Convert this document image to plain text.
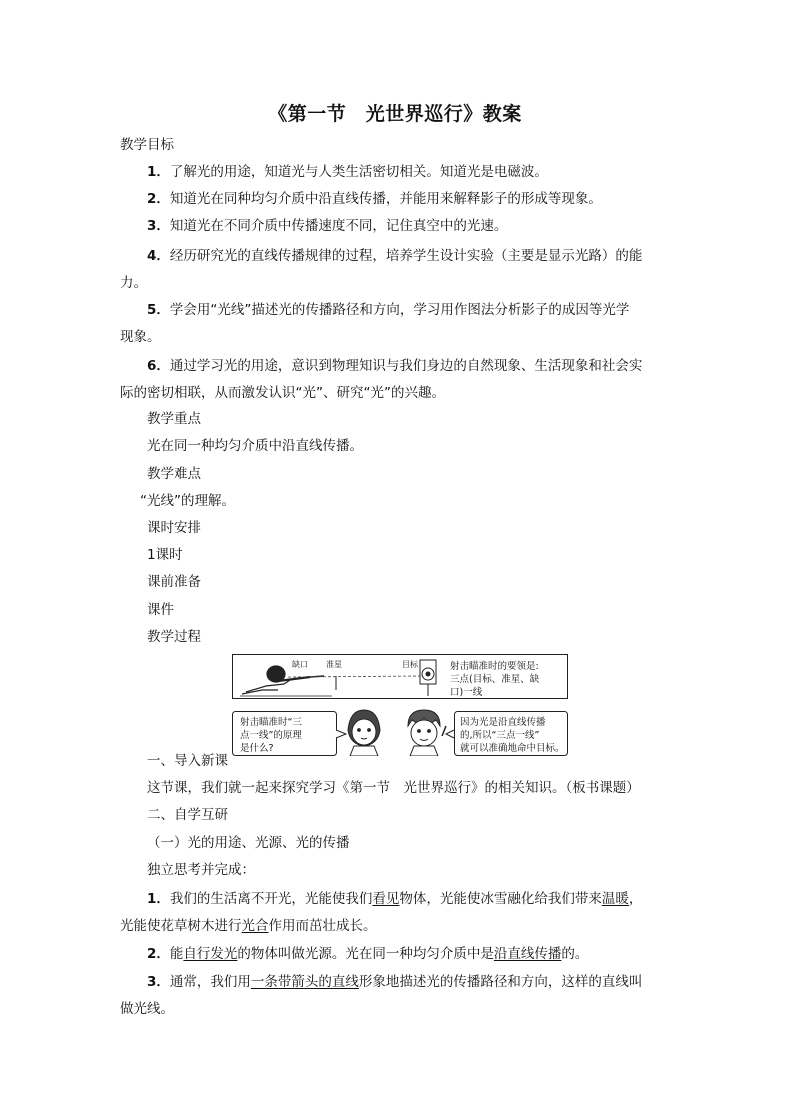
《第一节　光世界巡行》教案
教学目标
1．了解光的用途，知道光与人类生活密切相关。知道光是电磁波。
2．知道光在同种均匀介质中沿直线传播，并能用来解释影子的形成等现象。
3．知道光在不同介质中传播速度不同，记住真空中的光速。
4．经历研究光的直线传播规律的过程，培养学生设计实验（主要是显示光路）的能
力。
5．学会用“光线”描述光的传播路径和方向，学习用作图法分析影子的成因等光学
现象。
6．通过学习光的用途，意识到物理知识与我们身边的自然现象、生活现象和社会实
际的密切相联，从而激发认识“光”、研究“光”的兴趣。
教学重点
光在同一种均匀介质中沿直线传播。
教学难点
“光线”的理解。
课时安排
1课时
课前准备
课件
教学过程
缺口 准星	目标	射击瞄准时的要领是:
三点(目标、准星、缺
口)一线
射击瞄准时“三
点一线”的原理
是什么?
因为光是沿直线传播
的,所以“三点一线”
就可以准确地命中目标。
一、导入新课
这节课，我们就一起来探究学习《第一节　光世界巡行》的相关知识。（板书课题）
二、自学互研
（一）光的用途、光源、光的传播
独立思考并完成：
1．我们的生活离不开光，光能使我们看见物体，光能使冰雪融化给我们带来温暖，
光能使花草树木进行光合作用而茁壮成长。
2．能自行发光的物体叫做光源。光在同一种均匀介质中是沿直线传播的。
3．通常，我们用一条带箭头的直线形象地描述光的传播路径和方向，这样的直线叫
做光线。
